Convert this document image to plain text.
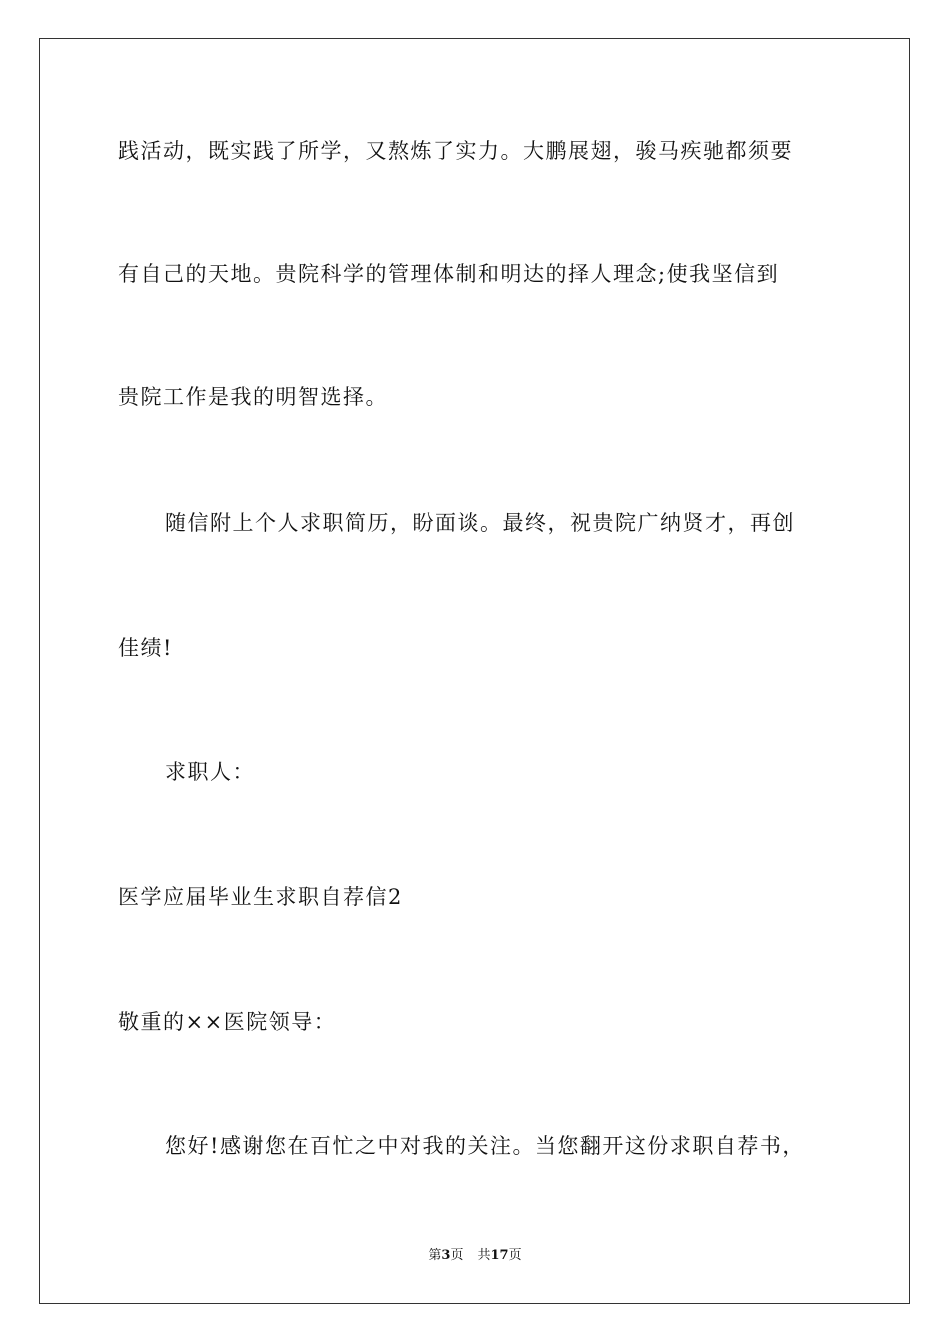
践活动，既实践了所学，又熬炼了实力。大鹏展翅，骏马疾驰都须要
有自己的天地。贵院科学的管理体制和明达的择人理念;使我坚信到
贵院工作是我的明智选择。
随信附上个人求职简历，盼面谈。最终，祝贵院广纳贤才，再创
佳绩!
求职人：
医学应届毕业生求职自荐信2
敬重的××医院领导：
您好!感谢您在百忙之中对我的关注。当您翻开这份求职自荐书，
第3页 共17页
